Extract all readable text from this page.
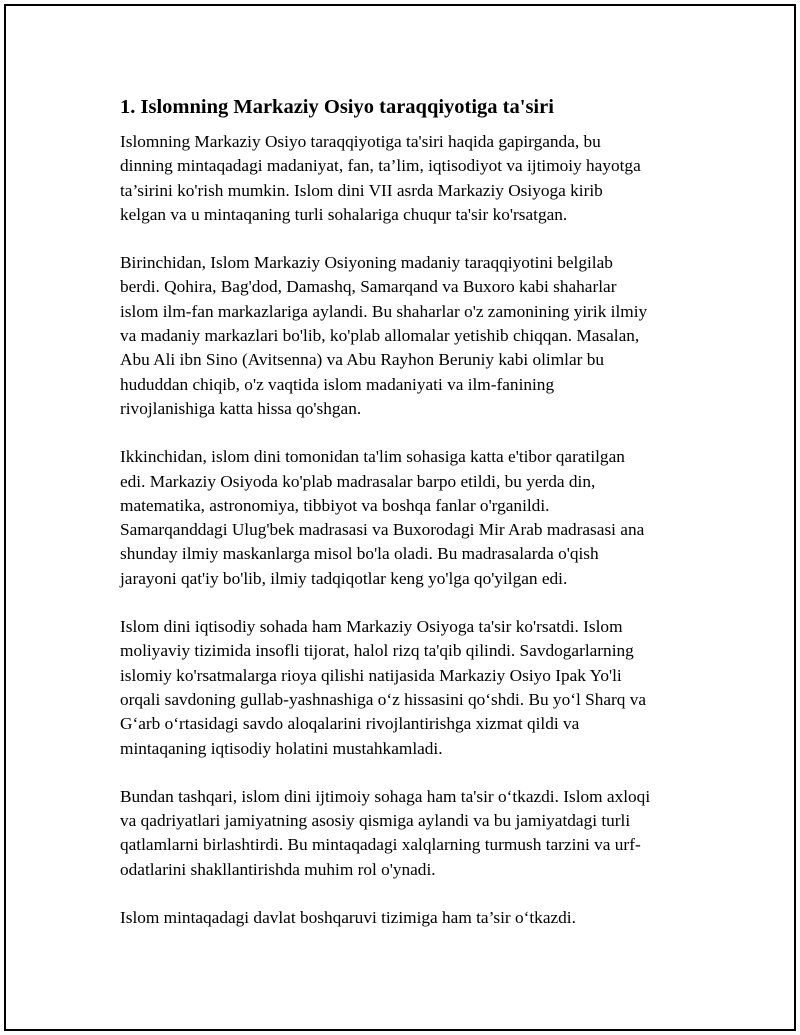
1. Islomning Markaziy Osiyo taraqqiyotiga ta'siri
Islomning Markaziy Osiyo taraqqiyotiga ta'siri haqida gapirganda, bu
dinning mintaqadagi madaniyat, fan, ta’lim, iqtisodiyot va ijtimoiy hayotga
ta’sirini ko'rish mumkin. Islom dini VII asrda Markaziy Osiyoga kirib
kelgan va u mintaqaning turli sohalariga chuqur ta'sir ko'rsatgan.
Birinchidan, Islom Markaziy Osiyoning madaniy taraqqiyotini belgilab
berdi. Qohira, Bag'dod, Damashq, Samarqand va Buxoro kabi shaharlar
islom ilm-fan markazlariga aylandi. Bu shaharlar o'z zamonining yirik ilmiy
va madaniy markazlari bo'lib, ko'plab allomalar yetishib chiqqan. Masalan,
Abu Ali ibn Sino (Avitsenna) va Abu Rayhon Beruniy kabi olimlar bu
hududdan chiqib, o'z vaqtida islom madaniyati va ilm-fanining
rivojlanishiga katta hissa qo'shgan.
Ikkinchidan, islom dini tomonidan ta'lim sohasiga katta e'tibor qaratilgan
edi. Markaziy Osiyoda ko'plab madrasalar barpo etildi, bu yerda din,
matematika, astronomiya, tibbiyot va boshqa fanlar o'rganildi.
Samarqanddagi Ulug'bek madrasasi va Buxorodagi Mir Arab madrasasi ana
shunday ilmiy maskanlarga misol bo'la oladi. Bu madrasalarda o'qish
jarayoni qat'iy bo'lib, ilmiy tadqiqotlar keng yo'lga qo'yilgan edi.
Islom dini iqtisodiy sohada ham Markaziy Osiyoga ta'sir ko'rsatdi. Islom
moliyaviy tizimida insofli tijorat, halol rizq ta'qib qilindi. Savdogarlarning
islomiy ko'rsatmalarga rioya qilishi natijasida Markaziy Osiyo Ipak Yo'li
orqali savdoning gullab-yashnashiga o‘z hissasini qo‘shdi. Bu yo‘l Sharq va
G‘arb o‘rtasidagi savdo aloqalarini rivojlantirishga xizmat qildi va
mintaqaning iqtisodiy holatini mustahkamladi.
Bundan tashqari, islom dini ijtimoiy sohaga ham ta'sir o‘tkazdi. Islom axloqi
va qadriyatlari jamiyatning asosiy qismiga aylandi va bu jamiyatdagi turli
qatlamlarni birlashtirdi. Bu mintaqadagi xalqlarning turmush tarzini va urf-
odatlarini shakllantirishda muhim rol o'ynadi.
Islom mintaqadagi davlat boshqaruvi tizimiga ham ta’sir o‘tkazdi.
